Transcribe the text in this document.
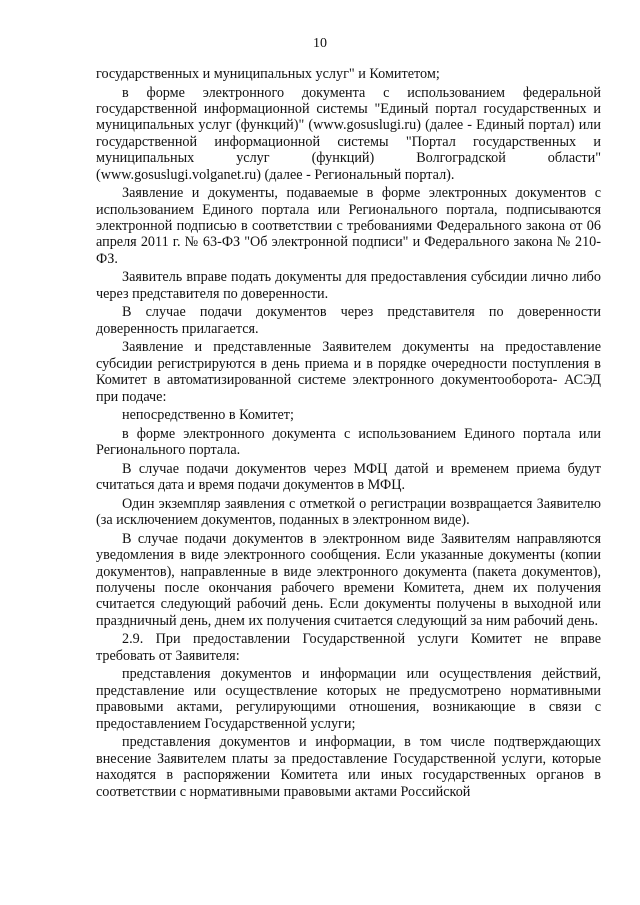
10

государственных и муниципальных услуг" и Комитетом;

в форме электронного документа с использованием федеральной государственной информационной системы "Единый портал государственных и муниципальных услуг (функций)" (www.gosuslugi.ru) (далее - Единый портал) или государственной информационной системы "Портал государственных и муниципальных услуг (функций) Волгоградской области" (www.gosuslugi.volganet.ru) (далее - Региональный портал).

Заявление и документы, подаваемые в форме электронных документов с использованием Единого портала или Регионального портала, подписываются электронной подписью в соответствии с требованиями Федерального закона от 06 апреля 2011 г. № 63-ФЗ "Об электронной подписи" и Федерального закона № 210-ФЗ.

Заявитель вправе подать документы для предоставления субсидии лично либо через представителя по доверенности.

В случае подачи документов через представителя по доверенности доверенность прилагается.

Заявление и представленные Заявителем документы на предоставление субсидии регистрируются в день приема и в порядке очередности поступления в Комитет в автоматизированной системе электронного документооборота- АСЭД при подаче:

непосредственно в Комитет;

в форме электронного документа с использованием Единого портала или Регионального портала.

В случае подачи документов через МФЦ датой и временем приема будут считаться дата и время подачи документов в МФЦ.

Один экземпляр заявления с отметкой о регистрации возвращается Заявителю (за исключением документов, поданных в электронном виде).

В случае подачи документов в электронном виде Заявителям направляются уведомления в виде электронного сообщения. Если указанные документы (копии документов), направленные в виде электронного документа (пакета документов), получены после окончания рабочего времени Комитета, днем их получения считается следующий рабочий день. Если документы получены в выходной или праздничный день, днем их получения считается следующий за ним рабочий день.

2.9. При предоставлении Государственной услуги Комитет не вправе требовать от Заявителя:

представления документов и информации или осуществления действий, представление или осуществление которых не предусмотрено нормативными правовыми актами, регулирующими отношения, возникающие в связи с предоставлением Государственной услуги;

представления документов и информации, в том числе подтверждающих внесение Заявителем платы за предоставление Государственной услуги, которые находятся в распоряжении Комитета или иных государственных органов в соответствии с нормативными правовыми актами Российской
